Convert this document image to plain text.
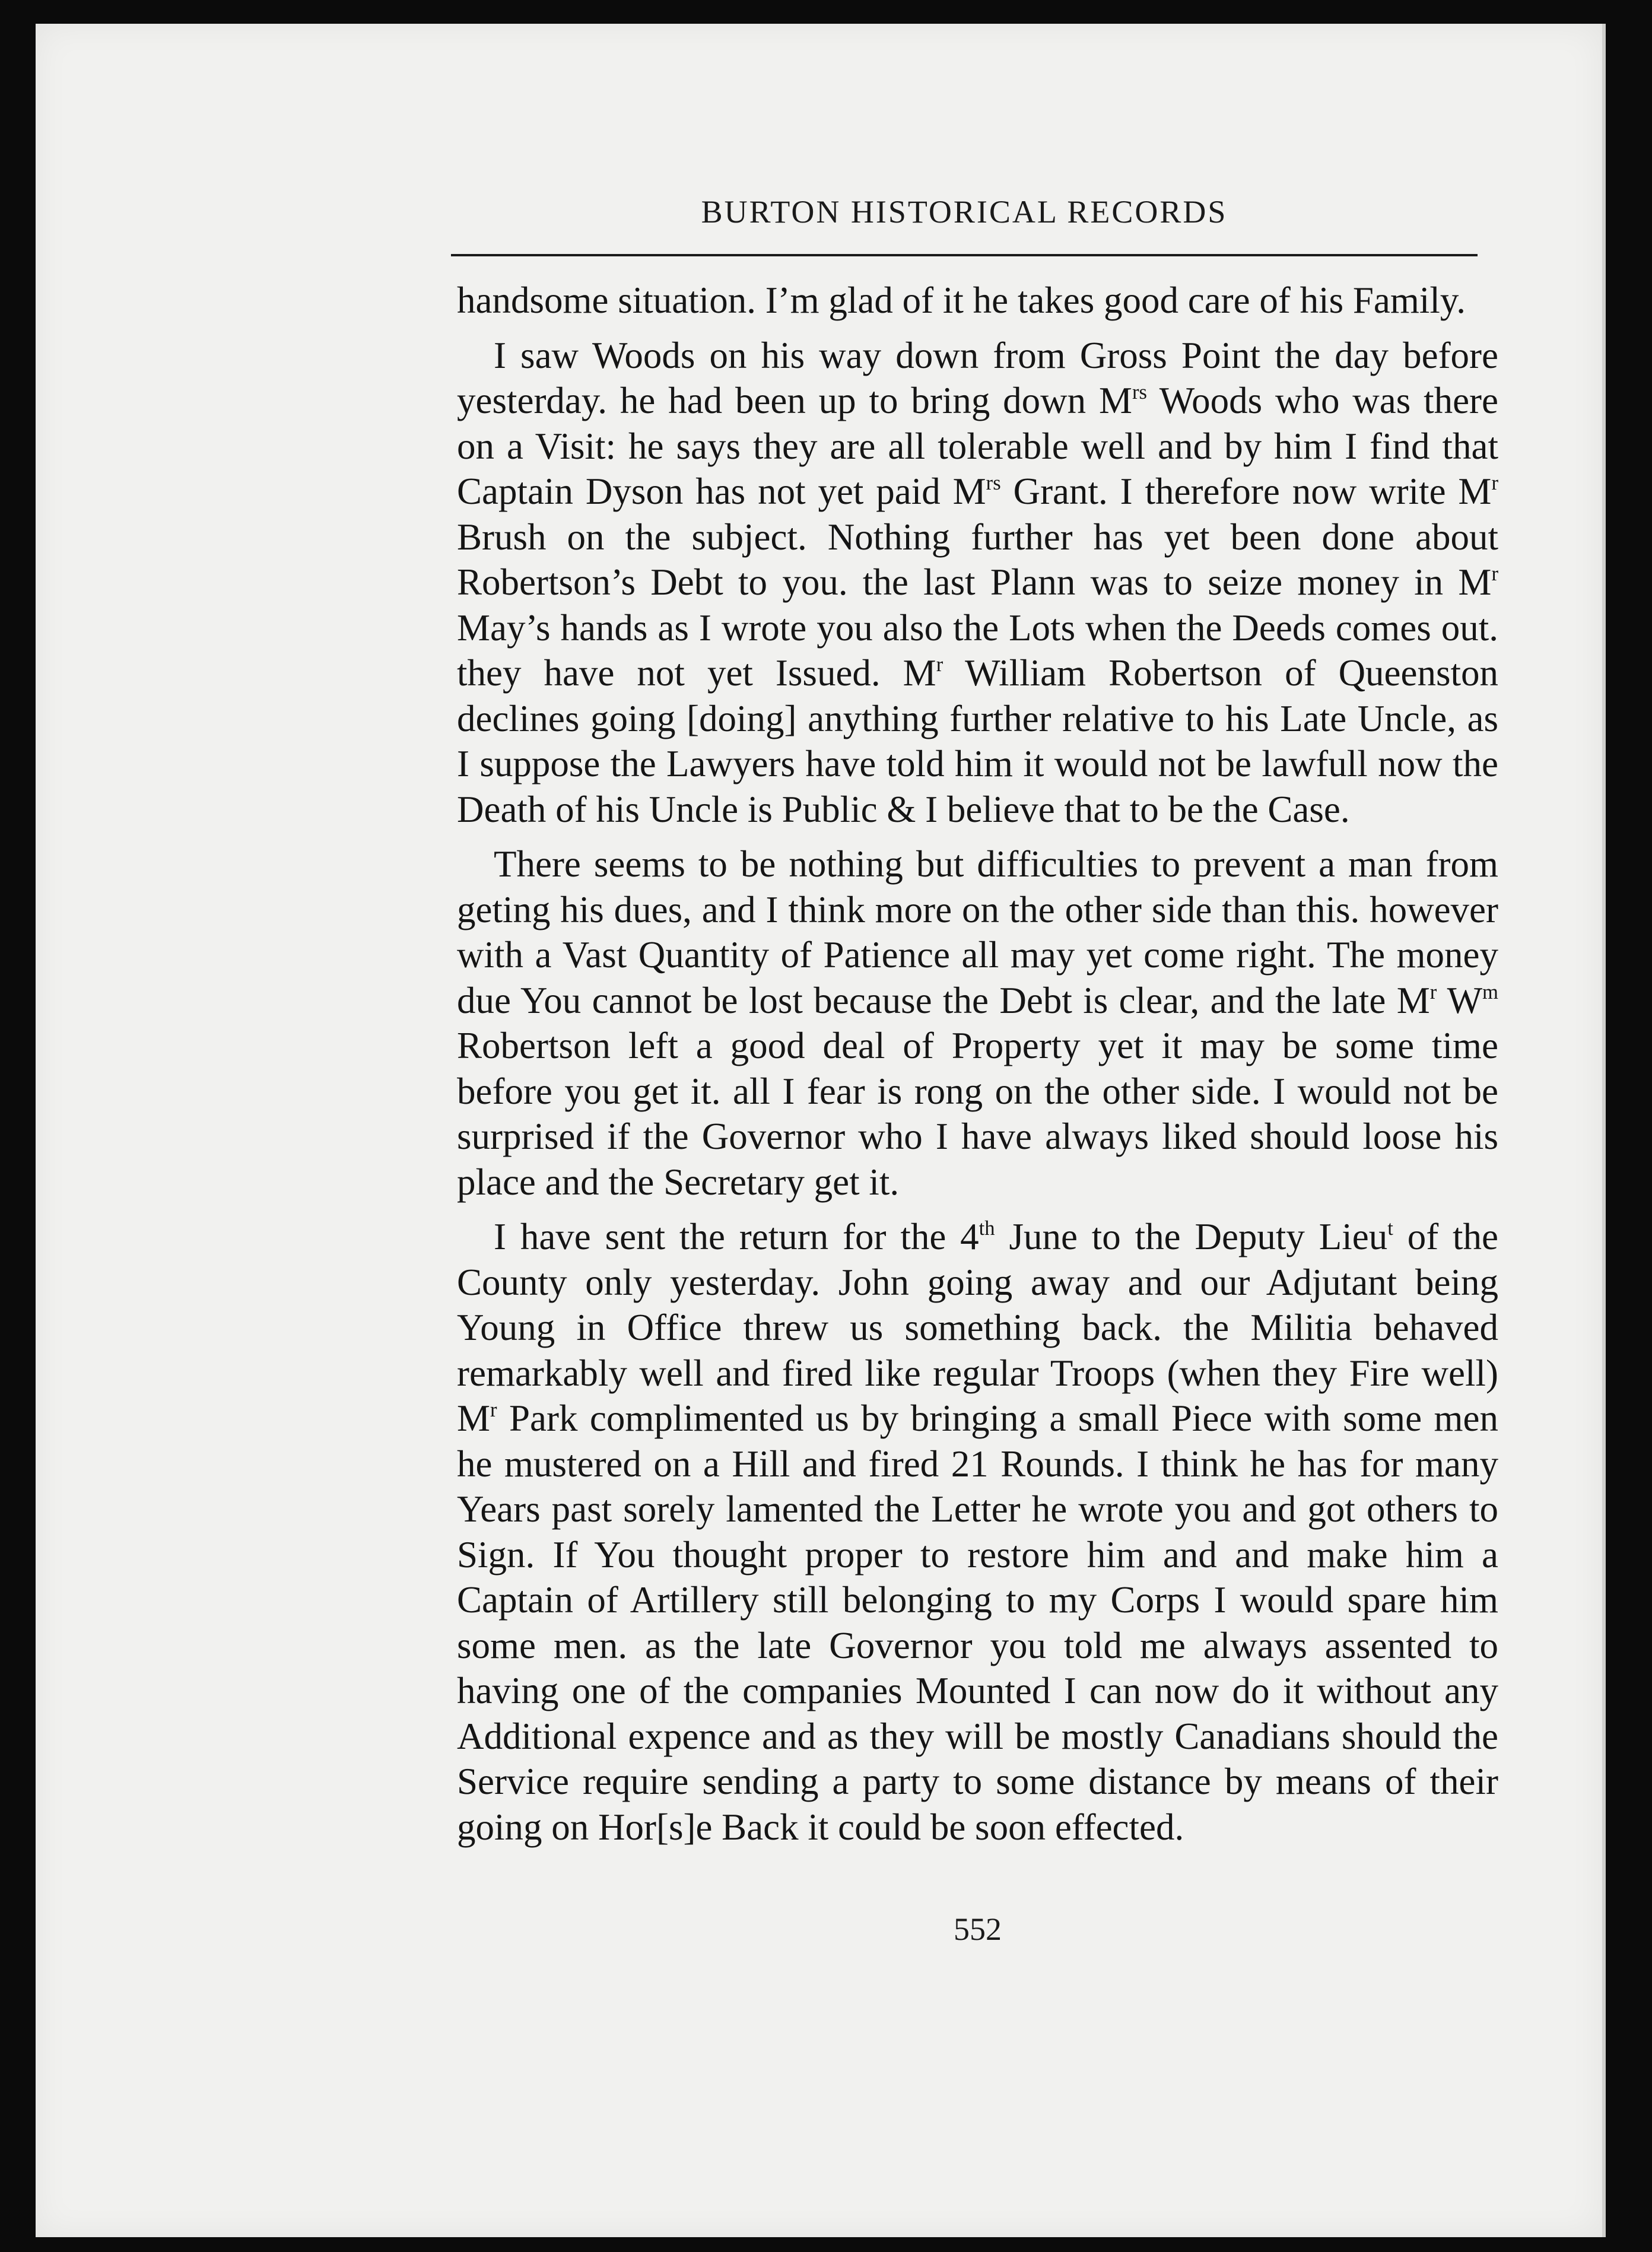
BURTON HISTORICAL RECORDS

handsome situation. I’m glad of it he takes good care of his Family.

I saw Woods on his way down from Gross Point the day before yesterday. he had been up to bring down $M^{rs}$ Woods who was there on a Visit: he says they are all tolerable well and by him I find that Captain Dyson has not yet paid $M^{rs}$ Grant. I therefore now write $M^r$ Brush on the subject. Nothing further has yet been done about Robertson’s Debt to you. the last Plann was to seize money in $M^r$ May’s hands as I wrote you also the Lots when the Deeds comes out. they have not yet Issued. $M^r$ William Robertson of Queenston declines going [doing] anything further relative to his Late Uncle, as I suppose the Lawyers have told him it would not be lawfull now the Death of his Uncle is Public & I believe that to be the Case.

There seems to be nothing but difficulties to prevent a man from geting his dues, and I think more on the other side than this. however with a Vast Quantity of Patience all may yet come right. The money due You cannot be lost because the Debt is clear, and the late $M^r$ $W^m$ Robertson left a good deal of Property yet it may be some time before you get it. all I fear is rong on the other side. I would not be surprised if the Governor who I have always liked should loose his place and the Secretary get it.

I have sent the return for the 4th June to the Deputy Lieu$^t$ of the County only yesterday. John going away and our Adjutant being Young in Office threw us something back. the Militia behaved remarkably well and fired like regular Troops (when they Fire well) $M^r$ Park complimented us by bringing a small Piece with some men he mustered on a Hill and fired 21 Rounds. I think he has for many Years past sorely lamented the Letter he wrote you and got others to Sign. If You thought proper to restore him and and make him a Captain of Artillery still belonging to my Corps I would spare him some men. as the late Governor you told me always assented to having one of the companies Mounted I can now do it without any Additional expence and as they will be mostly Canadians should the Service require sending a party to some distance by means of their going on Hor[s]e Back it could be soon effected.

552
